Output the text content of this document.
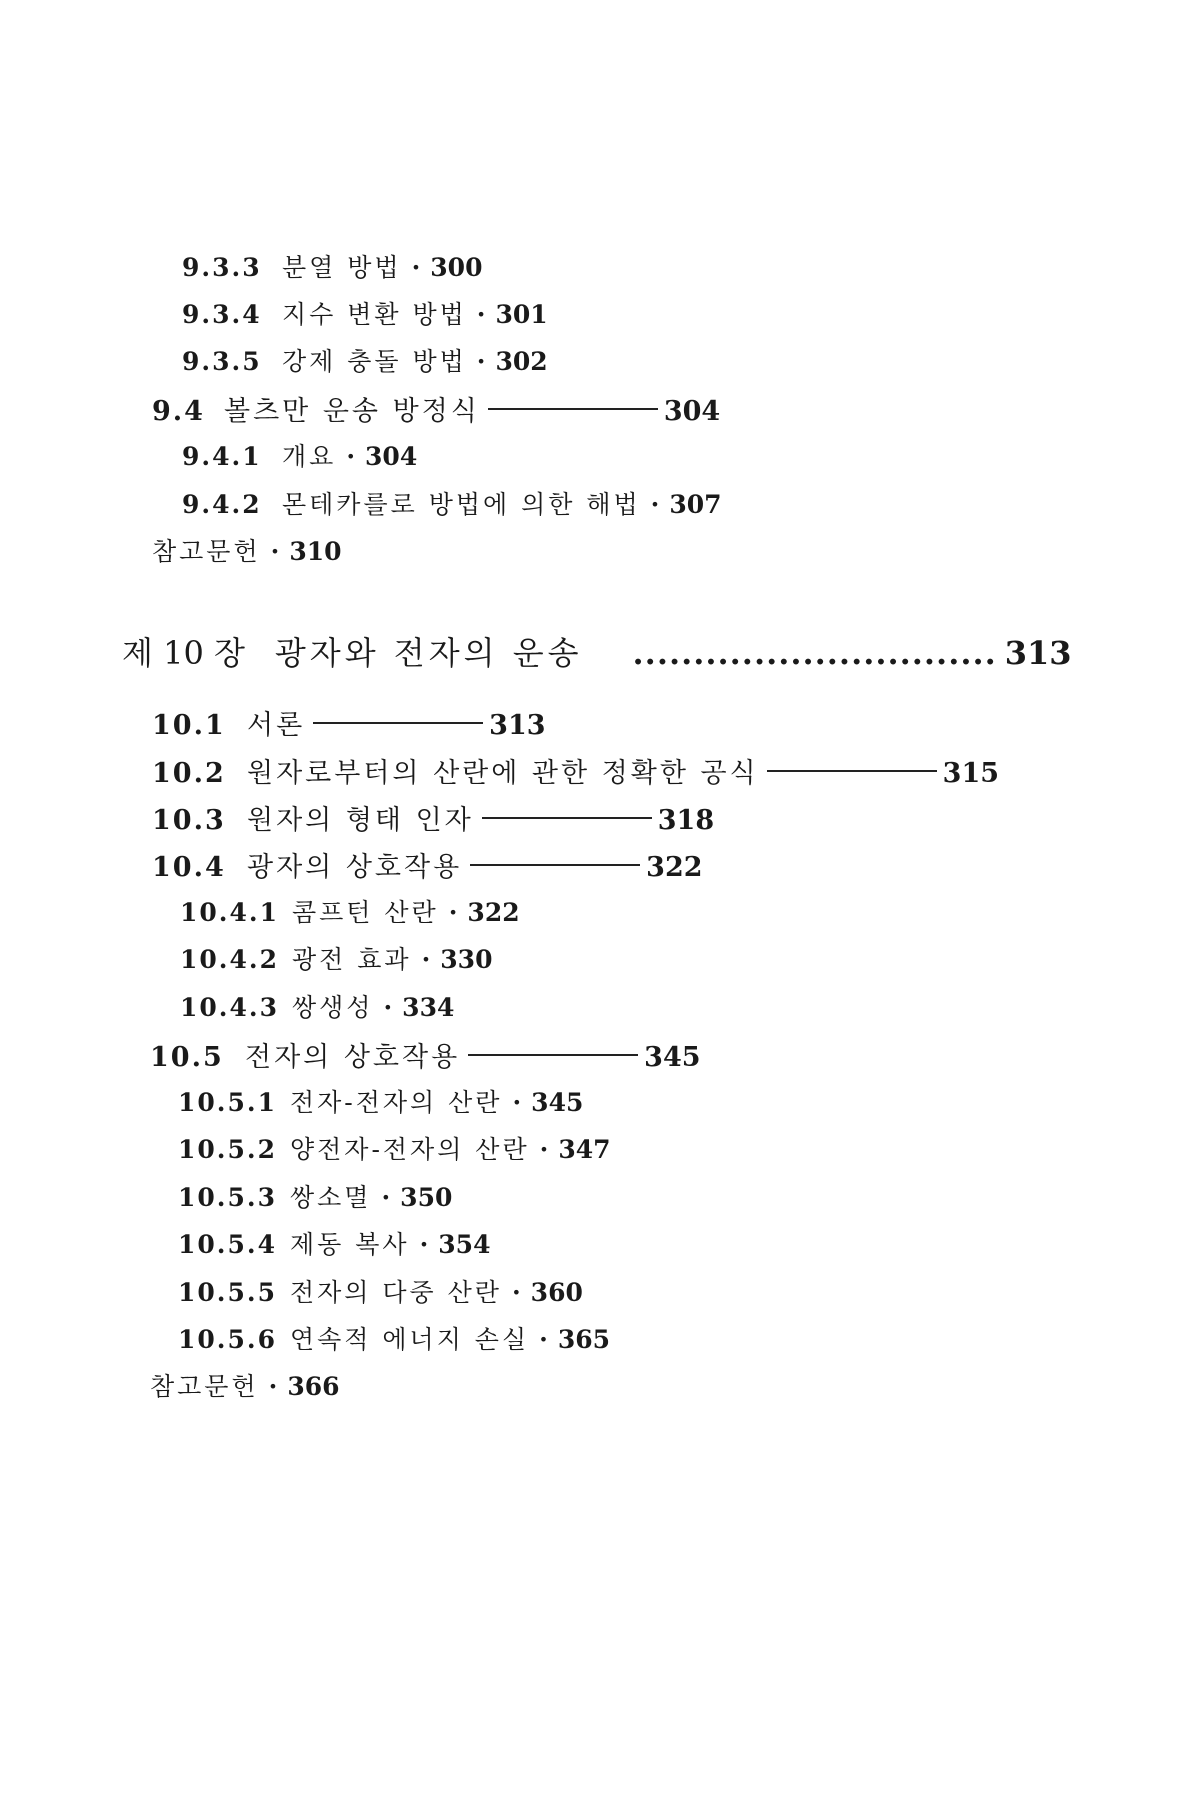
9.3.3 분열 방법 · 300
9.3.4 지수 변환 방법 · 301
9.3.5 강제 충돌 방법 · 302
9.4 볼츠만 운송 방정식	304
9.4.1 개요 · 304
9.4.2 몬테카를로 방법에 의한 해법 · 307
참고문헌 · 310
제 10 장 광자와 전자의 운송 .............................. 313
10.1 서론	313
10.2 원자로부터의 산란에 관한 정확한 공식	315
10.3 원자의 형태 인자	318
10.4 광자의 상호작용	322
10.4.1 콤프턴 산란 · 322
10.4.2 광전 효과 · 330
10.4.3 쌍생성 · 334
10.5 전자의 상호작용	345
10.5.1 전자-전자의 산란 · 345
10.5.2 양전자-전자의 산란 · 347
10.5.3 쌍소멸 · 350
10.5.4 제동 복사 · 354
10.5.5 전자의 다중 산란 · 360
10.5.6 연속적 에너지 손실 · 365
참고문헌 · 366
